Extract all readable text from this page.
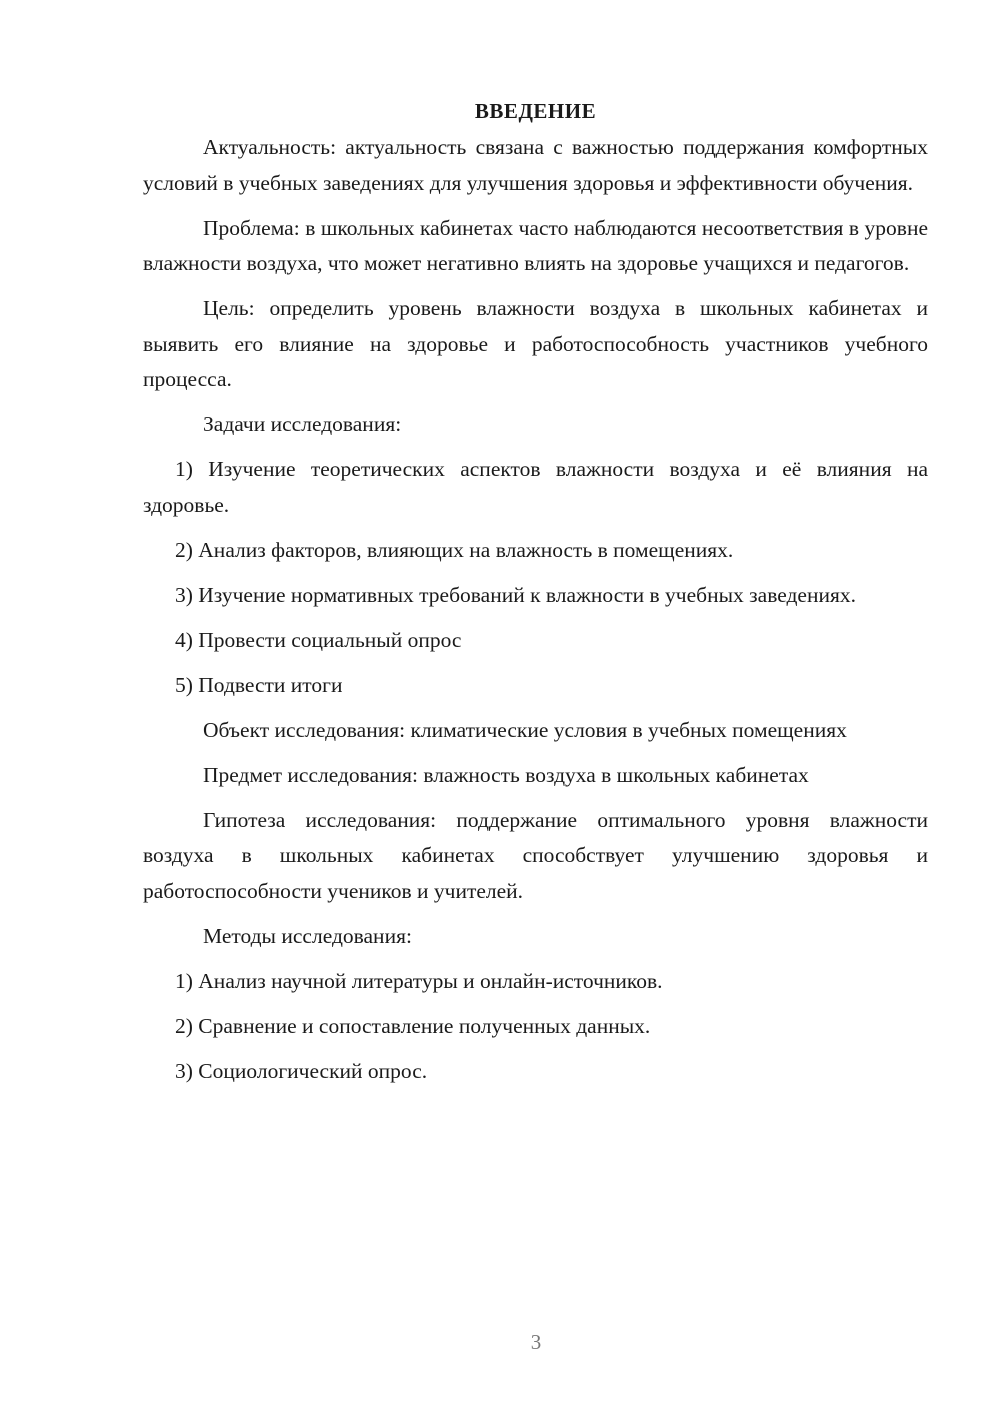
ВВЕДЕНИЕ

Актуальность: актуальность связана с важностью поддержания комфортных условий в учебных заведениях для улучшения здоровья и эффективности обучения.

Проблема: в школьных кабинетах часто наблюдаются несоответствия в уровне влажности воздуха, что может негативно влиять на здоровье учащихся и педагогов.

Цель: определить уровень влажности воздуха в школьных кабинетах и выявить его влияние на здоровье и работоспособность участников учебного процесса.

Задачи исследования:

1) Изучение теоретических аспектов влажности воздуха и её влияния на здоровье.

2) Анализ факторов, влияющих на влажность в помещениях.

3) Изучение нормативных требований к влажности в учебных заведениях.

4) Провести социальный опрос

5) Подвести итоги

Объект исследования: климатические условия в учебных помещениях

Предмет исследования: влажность воздуха в школьных кабинетах

Гипотеза исследования: поддержание оптимального уровня влажности воздуха в школьных кабинетах способствует улучшению здоровья и работоспособности учеников и учителей.

Методы исследования:

1) Анализ научной литературы и онлайн-источников.

2) Сравнение и сопоставление полученных данных.

3) Социологический опрос.

3
